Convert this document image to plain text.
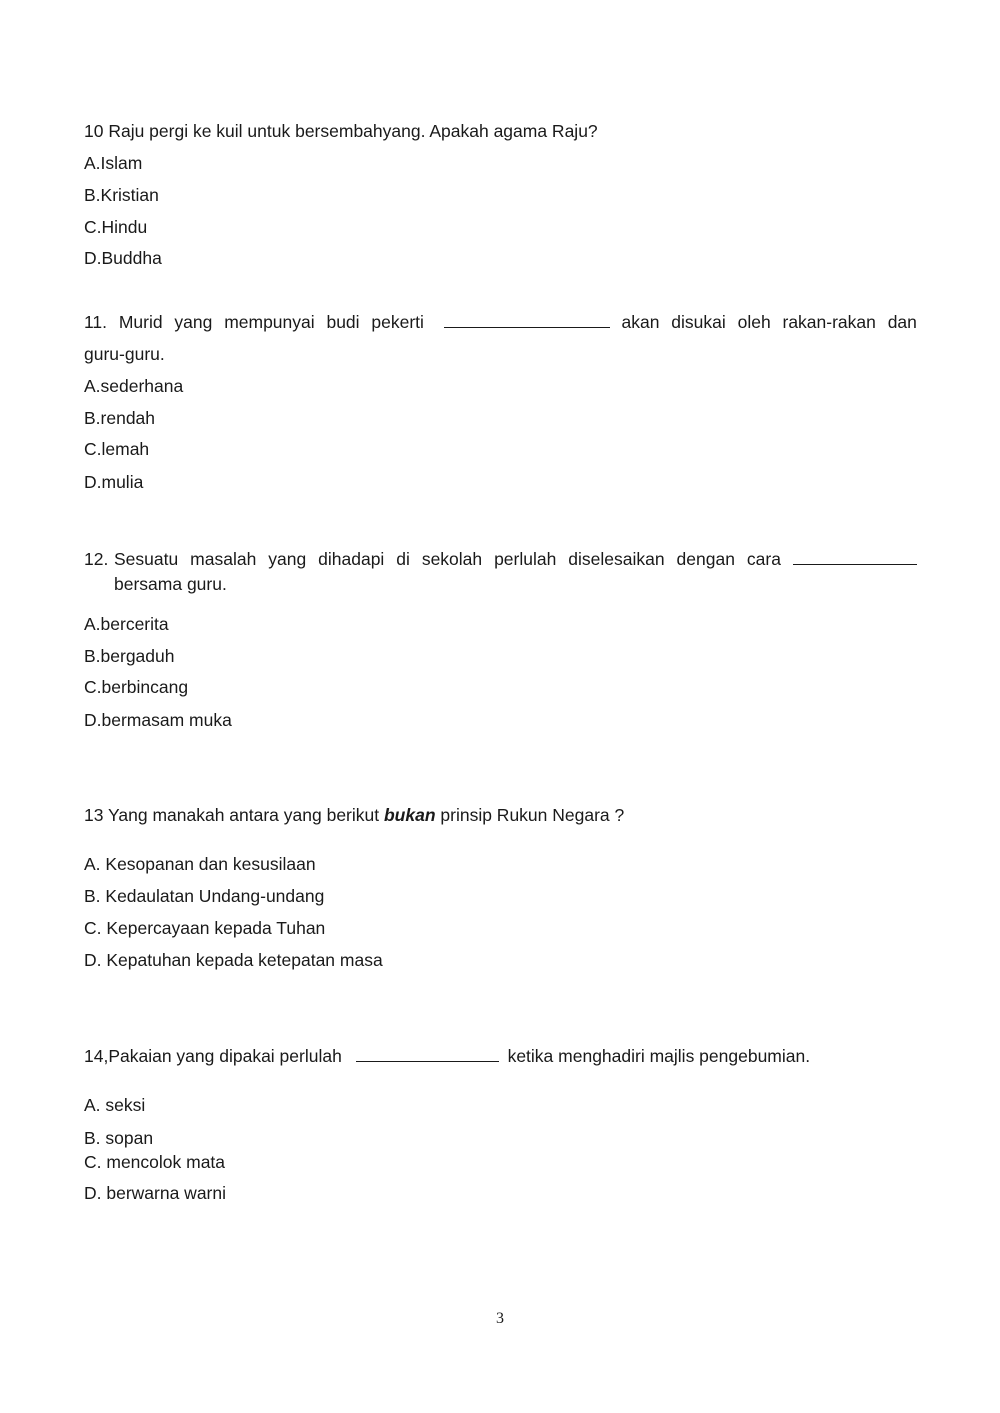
10 Raju pergi ke kuil untuk bersembahyang. Apakah agama Raju?
A.Islam
B.Kristian
C.Hindu
D.Buddha
11. Murid yang mempunyai budi pekerti	akan disukai oleh rakan-rakan dan
guru-guru.
A.sederhana
B.rendah
C.lemah
D.mulia
12. Sesuatu masalah yang dihadapi di sekolah perlulah diselesaikan dengan cara
bersama guru.
A.bercerita
B.bergaduh
C.berbincang
D.bermasam muka
13 Yang manakah antara yang berikut bukan prinsip Rukun Negara ?
A. Kesopanan dan kesusilaan
B. Kedaulatan Undang-undang
C. Kepercayaan kepada Tuhan
D. Kepatuhan kepada ketepatan masa
14,Pakaian yang dipakai perlulah	ketika menghadiri majlis pengebumian.
A. seksi
B. sopan
C. mencolok mata
D. berwarna warni
3
